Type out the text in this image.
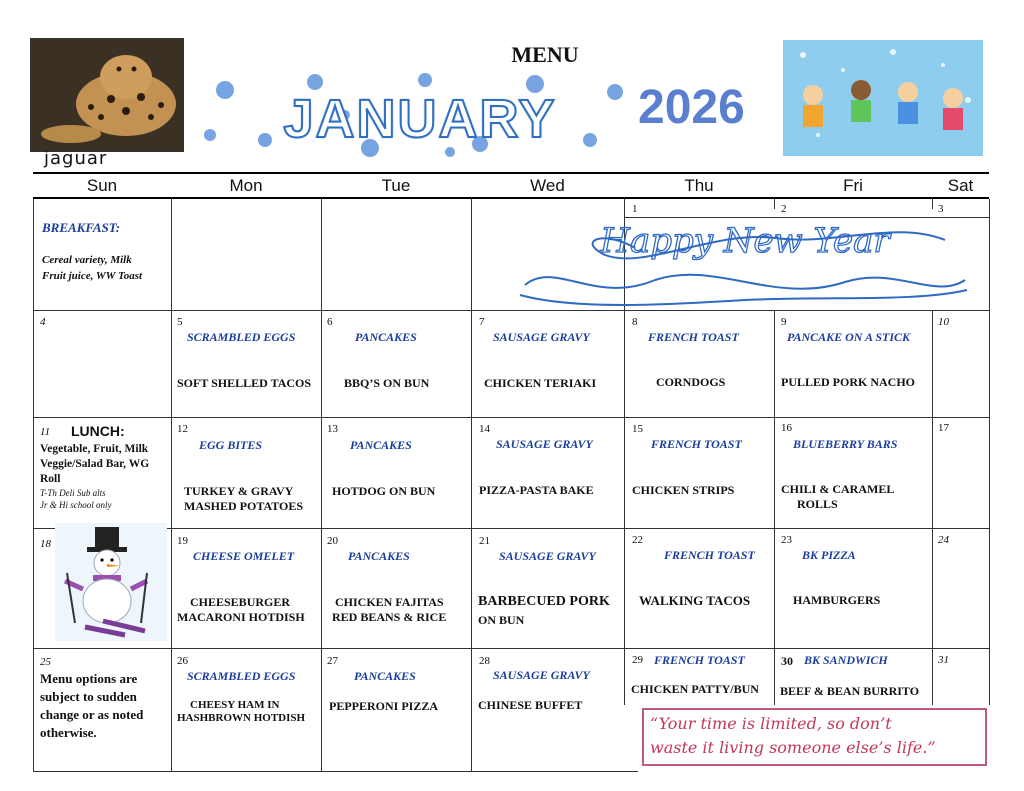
jaguar
MENU
JANUARY	2026
Sun	Mon	Tue	Wed	Thu	Fri	Sat
BREAKFAST:
Cereal variety, Milk
Fruit juice, WW Toast
1	2	3
Happy New Year
4	5
SCRAMBLED EGGS
SOFT SHELLED TACOS
6
PANCAKES
BBQ’S ON BUN
7
SAUSAGE GRAVY
CHICKEN TERIAKI
8
FRENCH TOAST
CORNDOGS
9
PANCAKE ON A STICK
PULLED PORK NACHO
10
11 LUNCH:
Vegetable, Fruit, Milk
Veggie/Salad Bar, WG
Roll
T-Th Deli Sub alts
Jr & Hi school only
12
EGG BITES
TURKEY & GRAVY
MASHED POTATOES
13
PANCAKES
HOTDOG ON BUN
14
SAUSAGE GRAVY
PIZZA-PASTA BAKE
15
FRENCH TOAST
CHICKEN STRIPS
16
BLUEBERRY BARS
CHILI & CARAMEL
ROLLS
17
18	19
CHEESE OMELET
CHEESEBURGER
MACARONI HOTDISH
20
PANCAKES
CHICKEN FAJITAS
RED BEANS & RICE
21
SAUSAGE GRAVY
BARBECUED PORK
ON BUN
22
FRENCH TOAST
WALKING TACOS
23
BK PIZZA
HAMBURGERS
24
25
Menu options are
subject to sudden
change or as noted
otherwise.
26
SCRAMBLED EGGS
CHEESY HAM IN
HASHBROWN HOTDISH
27
PANCAKES
PEPPERONI PIZZA
28
SAUSAGE GRAVY
CHINESE BUFFET
29 FRENCH TOAST
CHICKEN PATTY/BUN
30 BK SANDWICH
BEEF & BEAN BURRITO
31
“Your time is limited, so don’t
waste it living someone else’s life.”
